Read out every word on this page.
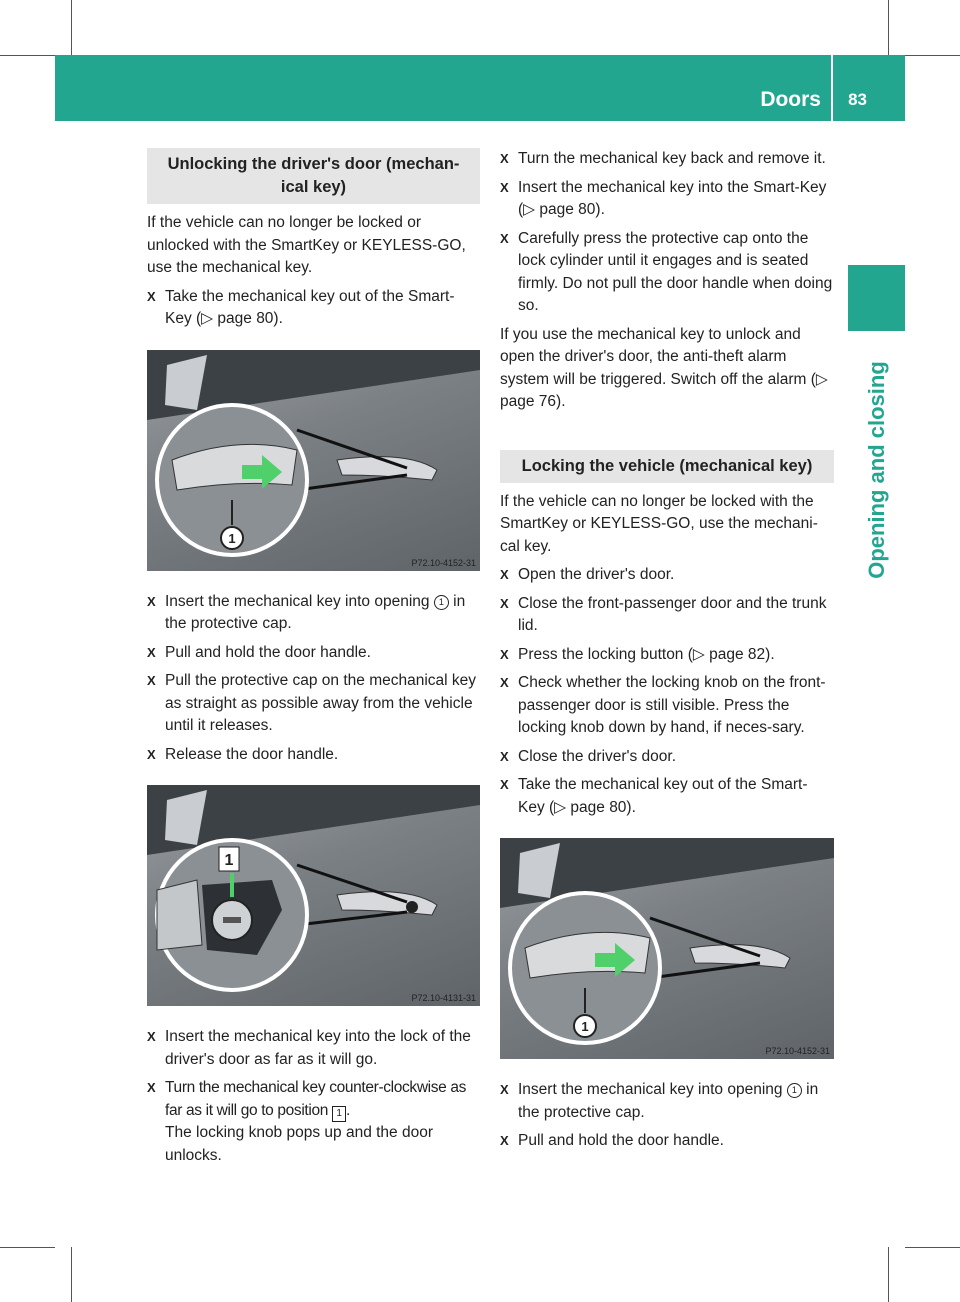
Doors 83
Opening and closing
Unlocking the driver's door (mechan-ical key)
If the vehicle can no longer be locked or unlocked with the SmartKey or KEYLESS-GO, use the mechanical key.
X Take the mechanical key out of the Smart-Key (▷ page 80).
1
P72.10-4152-31
X Insert the mechanical key into opening 1 in the protective cap.
X Pull and hold the door handle.
X Pull the protective cap on the mechanical key as straight as possible away from the vehicle until it releases.
X Release the door handle.
1
P72.10-4131-31
X Insert the mechanical key into the lock of the driver's door as far as it will go.
X Turn the mechanical key counter-clockwise as far as it will go to position 1 .
The locking knob pops up and the door unlocks.
X Turn the mechanical key back and remove it.
X Insert the mechanical key into the Smart-Key (▷ page 80).
X Carefully press the protective cap onto the lock cylinder until it engages and is seated firmly. Do not pull the door handle when doing so.
If you use the mechanical key to unlock and open the driver's door, the anti-theft alarm system will be triggered. Switch off the alarm (▷ page 76).
Locking the vehicle (mechanical key)
If the vehicle can no longer be locked with the SmartKey or KEYLESS-GO, use the mechani-cal key.
X Open the driver's door.
X Close the front-passenger door and the trunk lid.
X Press the locking button (▷ page 82).
X Check whether the locking knob on the front-passenger door is still visible. Press the locking knob down by hand, if neces-sary.
X Close the driver's door.
X Take the mechanical key out of the Smart-Key (▷ page 80).
1
P72.10-4152-31
X Insert the mechanical key into opening 1 in the protective cap.
X Pull and hold the door handle.
